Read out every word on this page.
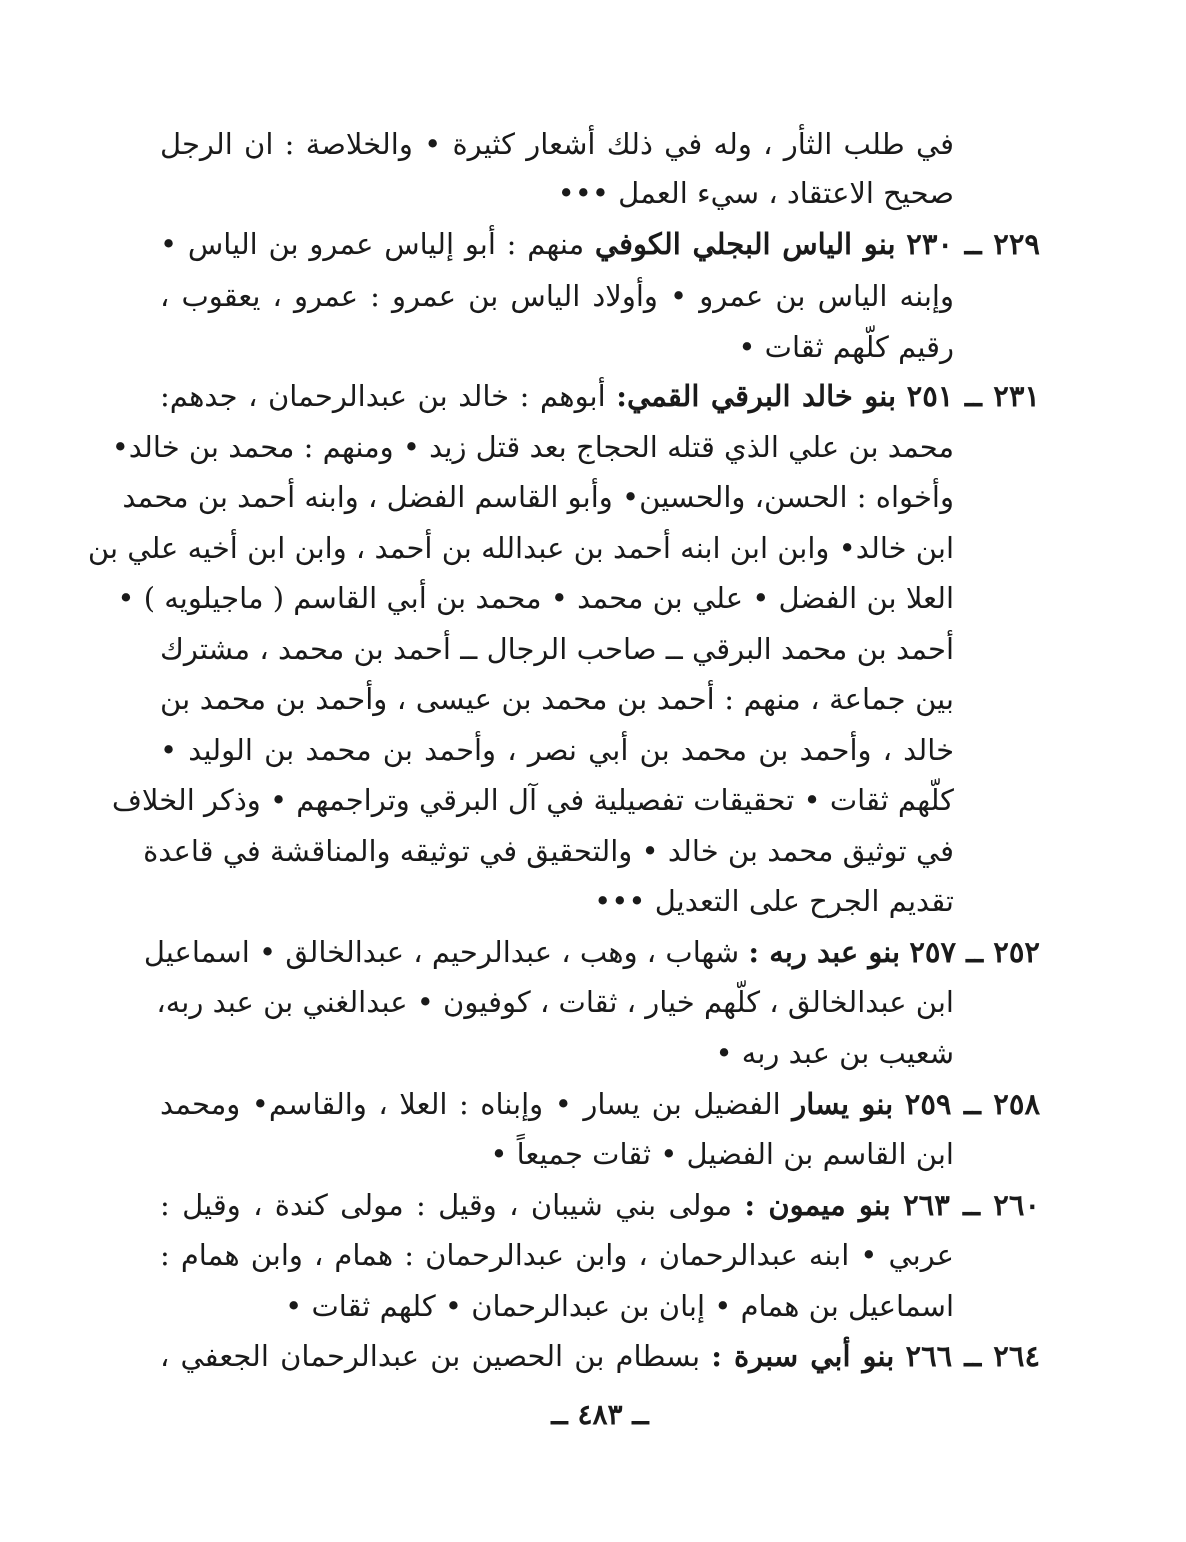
في طلب الثأر ، وله في ذلك أشعار كثيرة • والخلاصة : ان الرجل
صحيح الاعتقاد ، سيء العمل •••
٢٢٩ ــ ٢٣٠ بنو الياس البجلي الكوفي منهم : أبو إلياس عمرو بن الياس •
وإبنه الياس بن عمرو • وأولاد الياس بن عمرو : عمرو ، يعقوب ،
رقيم كلّهم ثقات •
٢٣١ ــ ٢٥١ بنو خالد البرقي القمي: أبوهم : خالد بن عبدالرحمان ، جدهم:
محمد بن علي الذي قتله الحجاج بعد قتل زيد • ومنهم : محمد بن خالد•
وأخواه : الحسن، والحسين• وأبو القاسم الفضل ، وابنه أحمد بن محمد
ابن خالد• وابن ابن ابنه أحمد بن عبدالله بن أحمد ، وابن ابن أخيه علي بن
العلا بن الفضل • علي بن محمد • محمد بن أبي القاسم ( ماجيلويه ) •
أحمد بن محمد البرقي ــ صاحب الرجال ــ أحمد بن محمد ، مشترك
بين جماعة ، منهم : أحمد بن محمد بن عيسى ، وأحمد بن محمد بن
خالد ، وأحمد بن محمد بن أبي نصر ، وأحمد بن محمد بن الوليد •
كلّهم ثقات • تحقيقات تفصيلية في آل البرقي وتراجمهم • وذكر الخلاف
في توثيق محمد بن خالد • والتحقيق في توثيقه والمناقشة في قاعدة
تقديم الجرح على التعديل •••
٢٥٢ ــ ٢٥٧ بنو عبد ربه : شهاب ، وهب ، عبدالرحيم ، عبدالخالق • اسماعيل
ابن عبدالخالق ، كلّهم خيار ، ثقات ، كوفيون • عبدالغني بن عبد ربه،
شعيب بن عبد ربه •
٢٥٨ ــ ٢٥٩ بنو يسار الفضيل بن يسار • وإبناه : العلا ، والقاسم• ومحمد
ابن القاسم بن الفضيل • ثقات جميعاً •
٢٦٠ ــ ٢٦٣ بنو ميمون : مولى بني شيبان ، وقيل : مولى كندة ، وقيل :
عربي • ابنه عبدالرحمان ، وابن عبدالرحمان : همام ، وابن همام :
اسماعيل بن همام • إبان بن عبدالرحمان • كلهم ثقات •
٢٦٤ ــ ٢٦٦ بنو أبي سبرة : بسطام بن الحصين بن عبدالرحمان الجعفي ،
ــ ٤٨٣ ــ
